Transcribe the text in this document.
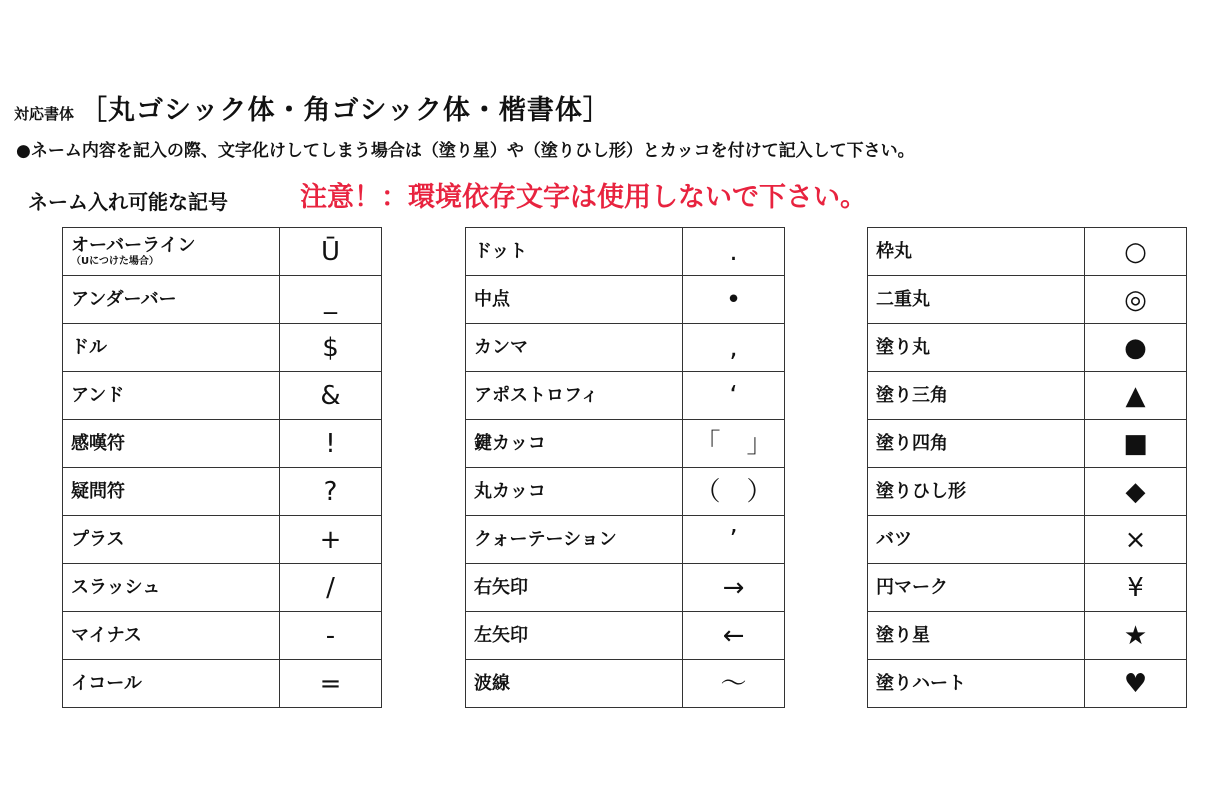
対応書体 ［丸ゴシック体・角ゴシック体・楷書体］
●ネーム内容を記入の際、文字化けしてしまう場合は（塗り星）や（塗りひし形）とカッコを付けて記入して下さい。
ネーム入れ可能な記号	注意！：環境依存文字は使用しないで下さい。
オーバーライン
（Uにつけた場合）	Ū

アンダーバー	_

ドル	$

アンド	&

感嘆符	!

疑問符	?

プラス	+

スラッシュ	/

マイナス	-

イコール	=
ドット	.

中点	•

カンマ	,

アポストロフィ	‘

鍵カッコ	「　」

丸カッコ	（　）

クォーテーション	’

右矢印	→

左矢印	←

波線	〜
枠丸	○

二重丸	◎

塗り丸	●

塗り三角	▲

塗り四角	■

塗りひし形	◆

バツ	×

円マーク	¥

塗り星	★

塗りハート	♥
